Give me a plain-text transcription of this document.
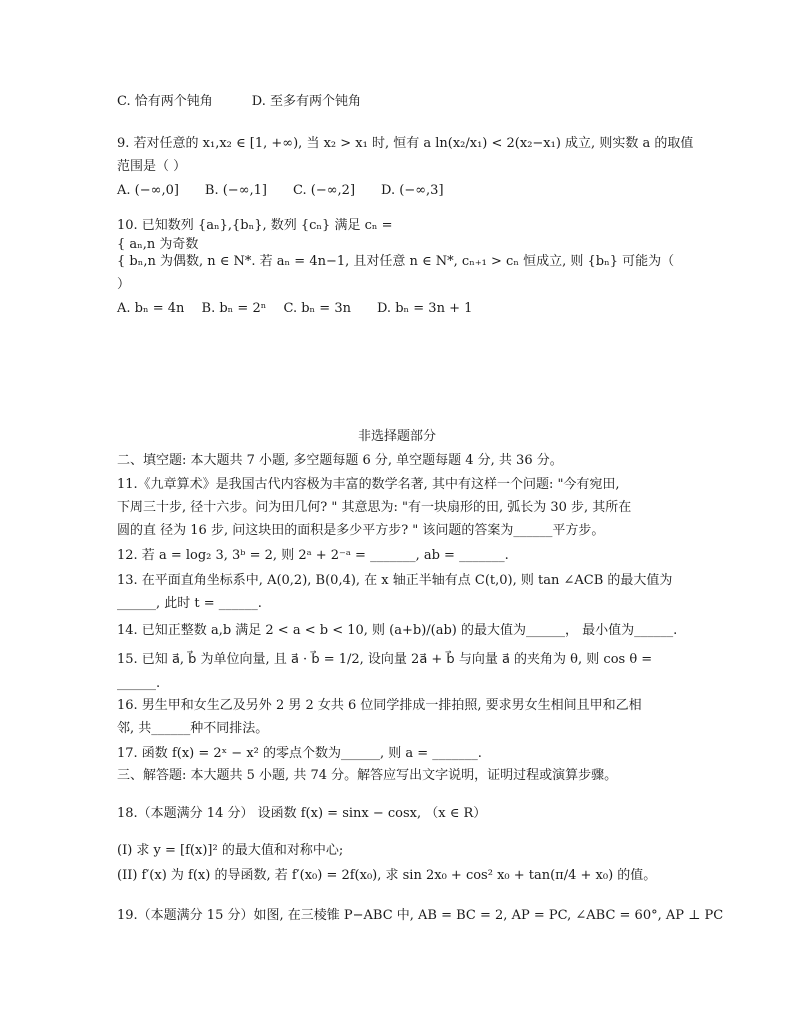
C. 恰有两个钝角　　　D. 至多有两个钝角
9. 若对任意的 x₁,x₂ ∈ [1, +∞), 当 x₂ > x₁ 时, 恒有 a ln(x₂/x₁) < 2(x₂−x₁) 成立, 则实数 a 的取值
范围是（ ）
A. (−∞,0]　　B. (−∞,1]　　C. (−∞,2]　　D. (−∞,3]
10. 已知数列 {aₙ},{bₙ}, 数列 {cₙ} 满足 cₙ =
{ aₙ,n 为奇数
{ bₙ,n 为偶数, n ∈ N*. 若 aₙ = 4n−1, 且对任意 n ∈ N*, cₙ₊₁ > cₙ 恒成立, 则 {bₙ} 可能为（
）
A. bₙ = 4n　 B. bₙ = 2ⁿ　 C. bₙ = 3n　　D. bₙ = 3n + 1
非选择题部分
二、填空题: 本大题共 7 小题, 多空题每题 6 分, 单空题每题 4 分, 共 36 分。
11.《九章算术》是我国古代内容极为丰富的数学名著, 其中有这样一个问题: "今有宛田,
下周三十步, 径十六步。问为田几何? " 其意思为: "有一块扇形的田, 弧长为 30 步, 其所在
圆的直 径为 16 步, 问这块田的面积是多少平方步? " 该问题的答案为______平方步。
12. 若 a = log₂ 3, 3ᵇ = 2, 则 2ᵃ + 2⁻ᵃ = _______, ab = _______.
13. 在平面直角坐标系中, A(0,2), B(0,4), 在 x 轴正半轴有点 C(t,0), 则 tan ∠ACB 的最大值为
______, 此时 t = ______.
14. 已知正整数 a,b 满足 2 < a < b < 10, 则 (a+b)/(ab) 的最大值为______， 最小值为______.
15. 已知 a⃗, b⃗ 为单位向量, 且 a⃗ · b⃗ = 1/2, 设向量 2a⃗ + b⃗ 与向量 a⃗ 的夹角为 θ, 则 cos θ =
______.
16. 男生甲和女生乙及另外 2 男 2 女共 6 位同学排成一排拍照, 要求男女生相间且甲和乙相
邻, 共______种不同排法。
17. 函数 f(x) = 2ˣ − x² 的零点个数为______, 则 a = _______.
三、解答题: 本大题共 5 小题, 共 74 分。解答应写出文字说明，证明过程或演算步骤。
18.（本题满分 14 分） 设函数 f(x) = sinx − cosx, （x ∈ R）
(I) 求 y = [f(x)]² 的最大值和对称中心;
(II) f′(x) 为 f(x) 的导函数, 若 f′(x₀) = 2f(x₀), 求 sin 2x₀ + cos² x₀ + tan(π/4 + x₀) 的值。
19.（本题满分 15 分）如图, 在三棱锥 P−ABC 中, AB = BC = 2, AP = PC, ∠ABC = 60°, AP ⊥ PC
